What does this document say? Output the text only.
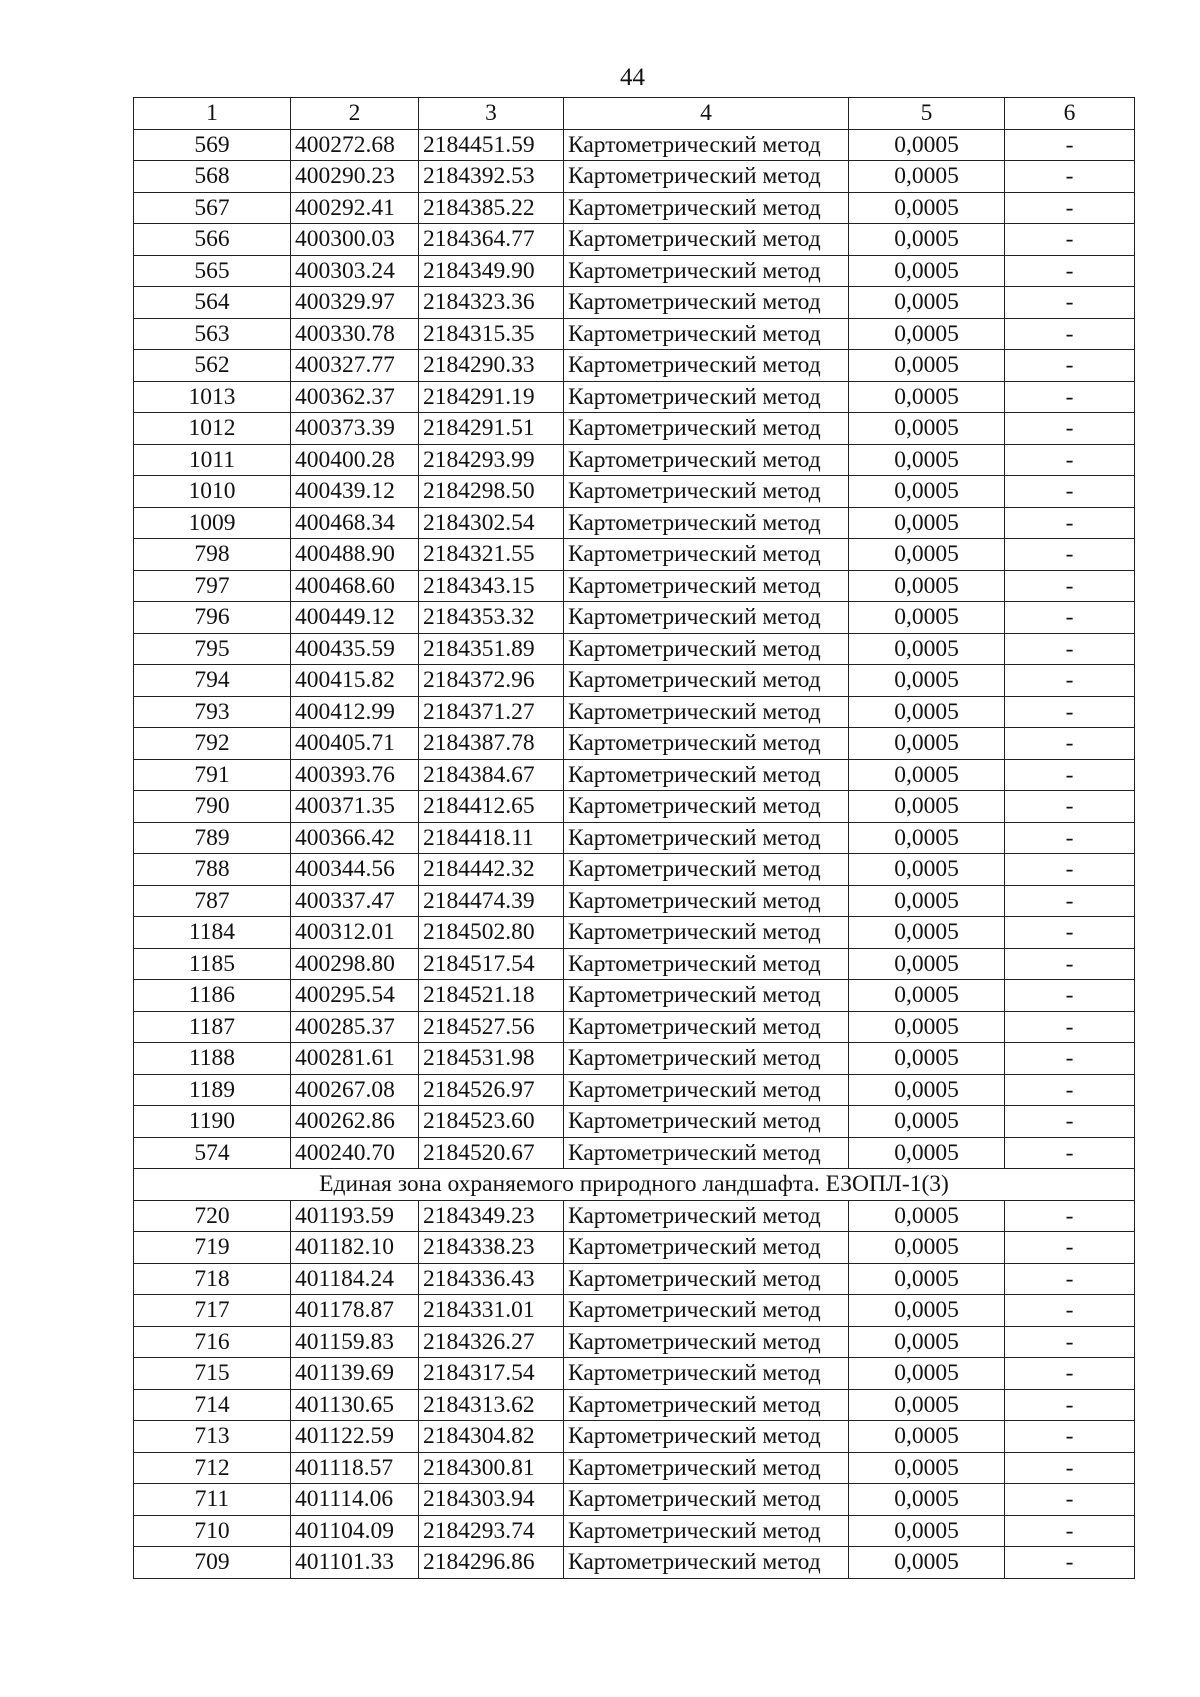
44
1	2	3	4	5	6
569	400272.68	2184451.59	Картометрический метод	0,0005	-
568	400290.23	2184392.53	Картометрический метод	0,0005	-
567	400292.41	2184385.22	Картометрический метод	0,0005	-
566	400300.03	2184364.77	Картометрический метод	0,0005	-
565	400303.24	2184349.90	Картометрический метод	0,0005	-
564	400329.97	2184323.36	Картометрический метод	0,0005	-
563	400330.78	2184315.35	Картометрический метод	0,0005	-
562	400327.77	2184290.33	Картометрический метод	0,0005	-
1013	400362.37	2184291.19	Картометрический метод	0,0005	-
1012	400373.39	2184291.51	Картометрический метод	0,0005	-
1011	400400.28	2184293.99	Картометрический метод	0,0005	-
1010	400439.12	2184298.50	Картометрический метод	0,0005	-
1009	400468.34	2184302.54	Картометрический метод	0,0005	-
798	400488.90	2184321.55	Картометрический метод	0,0005	-
797	400468.60	2184343.15	Картометрический метод	0,0005	-
796	400449.12	2184353.32	Картометрический метод	0,0005	-
795	400435.59	2184351.89	Картометрический метод	0,0005	-
794	400415.82	2184372.96	Картометрический метод	0,0005	-
793	400412.99	2184371.27	Картометрический метод	0,0005	-
792	400405.71	2184387.78	Картометрический метод	0,0005	-
791	400393.76	2184384.67	Картометрический метод	0,0005	-
790	400371.35	2184412.65	Картометрический метод	0,0005	-
789	400366.42	2184418.11	Картометрический метод	0,0005	-
788	400344.56	2184442.32	Картометрический метод	0,0005	-
787	400337.47	2184474.39	Картометрический метод	0,0005	-
1184	400312.01	2184502.80	Картометрический метод	0,0005	-
1185	400298.80	2184517.54	Картометрический метод	0,0005	-
1186	400295.54	2184521.18	Картометрический метод	0,0005	-
1187	400285.37	2184527.56	Картометрический метод	0,0005	-
1188	400281.61	2184531.98	Картометрический метод	0,0005	-
1189	400267.08	2184526.97	Картометрический метод	0,0005	-
1190	400262.86	2184523.60	Картометрический метод	0,0005	-
574	400240.70	2184520.67	Картометрический метод	0,0005	-
Единая зона охраняемого природного ландшафта. ЕЗОПЛ-1(3)					
720	401193.59	2184349.23	Картометрический метод	0,0005	-
719	401182.10	2184338.23	Картометрический метод	0,0005	-
718	401184.24	2184336.43	Картометрический метод	0,0005	-
717	401178.87	2184331.01	Картометрический метод	0,0005	-
716	401159.83	2184326.27	Картометрический метод	0,0005	-
715	401139.69	2184317.54	Картометрический метод	0,0005	-
714	401130.65	2184313.62	Картометрический метод	0,0005	-
713	401122.59	2184304.82	Картометрический метод	0,0005	-
712	401118.57	2184300.81	Картометрический метод	0,0005	-
711	401114.06	2184303.94	Картометрический метод	0,0005	-
710	401104.09	2184293.74	Картометрический метод	0,0005	-
709	401101.33	2184296.86	Картометрический метод	0,0005	-
